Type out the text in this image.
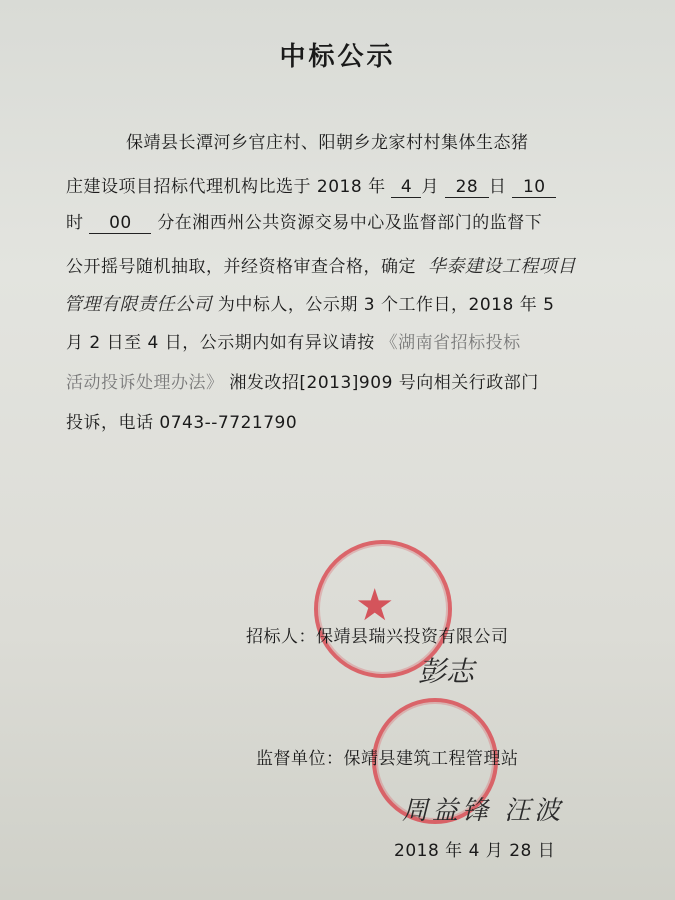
中标公示
保靖县长潭河乡官庄村、阳朝乡龙家村村集体生态猪
庄建设项目招标代理机构比选于 2018 年 4 月 28 日 10
时 00 分在湘西州公共资源交易中心及监督部门的监督下
公开摇号随机抽取，并经资格审查合格，确定 华泰建设工程项目
管理有限责任公司 为中标人，公示期 3 个工作日，2018 年 5
月 2 日至 4 日，公示期内如有异议请按 《湖南省招标投标
活动投诉处理办法》 湘发改招[2013]909 号向相关行政部门
投诉，电话 0743--7721790
★
招标人：保靖县瑞兴投资有限公司
彭志
监督单位：保靖县建筑工程管理站
周益锋 汪波
2018 年 4 月 28 日
